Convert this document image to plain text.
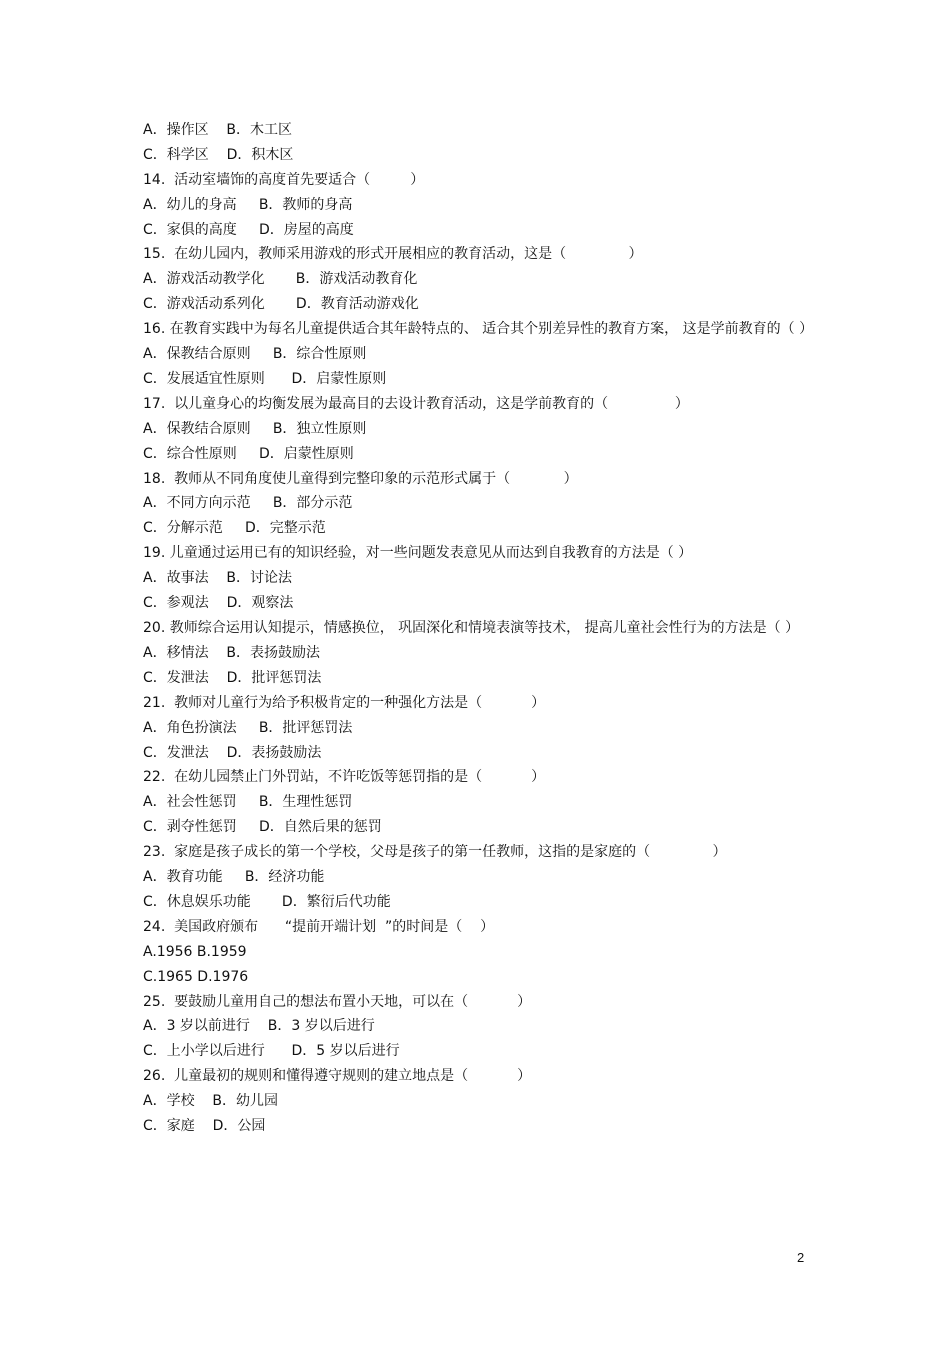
A．操作区    B．木工区
C．科学区    D．积木区
14.  活动室墙饰的高度首先要适合（         ）
A．幼儿的身高     B．教师的身高
C．家俱的高度     D．房屋的高度
15.  在幼儿园内，教师采用游戏的形式开展相应的教育活动，这是（              ）
A．游戏活动教学化       B．游戏活动教育化
C．游戏活动系列化       D．教育活动游戏化
16. 在教育实践中为每名儿童提供适合其年龄特点的、 适合其个别差异性的教育方案， 这是学前教育的（ ）
A．保教结合原则     B．综合性原则
C．发展适宜性原则      D．启蒙性原则
17.  以儿童身心的均衡发展为最高目的去设计教育活动，这是学前教育的（               ）
A．保教结合原则     B．独立性原则
C．综合性原则     D．启蒙性原则
18.  教师从不同角度使儿童得到完整印象的示范形式属于（            ）
A．不同方向示范     B．部分示范
C．分解示范     D．完整示范
19. 儿童通过运用已有的知识经验，对一些问题发表意见从而达到自我教育的方法是（ ）
A．故事法    B．讨论法
C．参观法    D．观察法
20. 教师综合运用认知提示，情感换位， 巩固深化和情境表演等技术， 提高儿童社会性行为的方法是（ ）
A．移情法    B．表扬鼓励法
C．发泄法    D．批评惩罚法
21.  教师对儿童行为给予积极肯定的一种强化方法是（           ）
A．角色扮演法     B．批评惩罚法
C．发泄法    D．表扬鼓励法
22.  在幼儿园禁止门外罚站，不许吃饭等惩罚指的是（           ）
A．社会性惩罚     B．生理性惩罚
C．剥夺性惩罚     D．自然后果的惩罚
23.  家庭是孩子成长的第一个学校，父母是孩子的第一任教师，这指的是家庭的（              ）
A．教育功能     B．经济功能
C．休息娱乐功能       D．繁衍后代功能
24.  美国政府颁布      “提前开端计划  ”的时间是（    ）
A.1956 B.1959
C.1965 D.1976
25.  要鼓励儿童用自己的想法布置小天地，可以在（           ）
A．3 岁以前进行    B．3 岁以后进行
C．上小学以后进行      D．5 岁以后进行
26.  儿童最初的规则和懂得遵守规则的建立地点是（           ）
A．学校    B．幼儿园
C．家庭    D．公园
2
